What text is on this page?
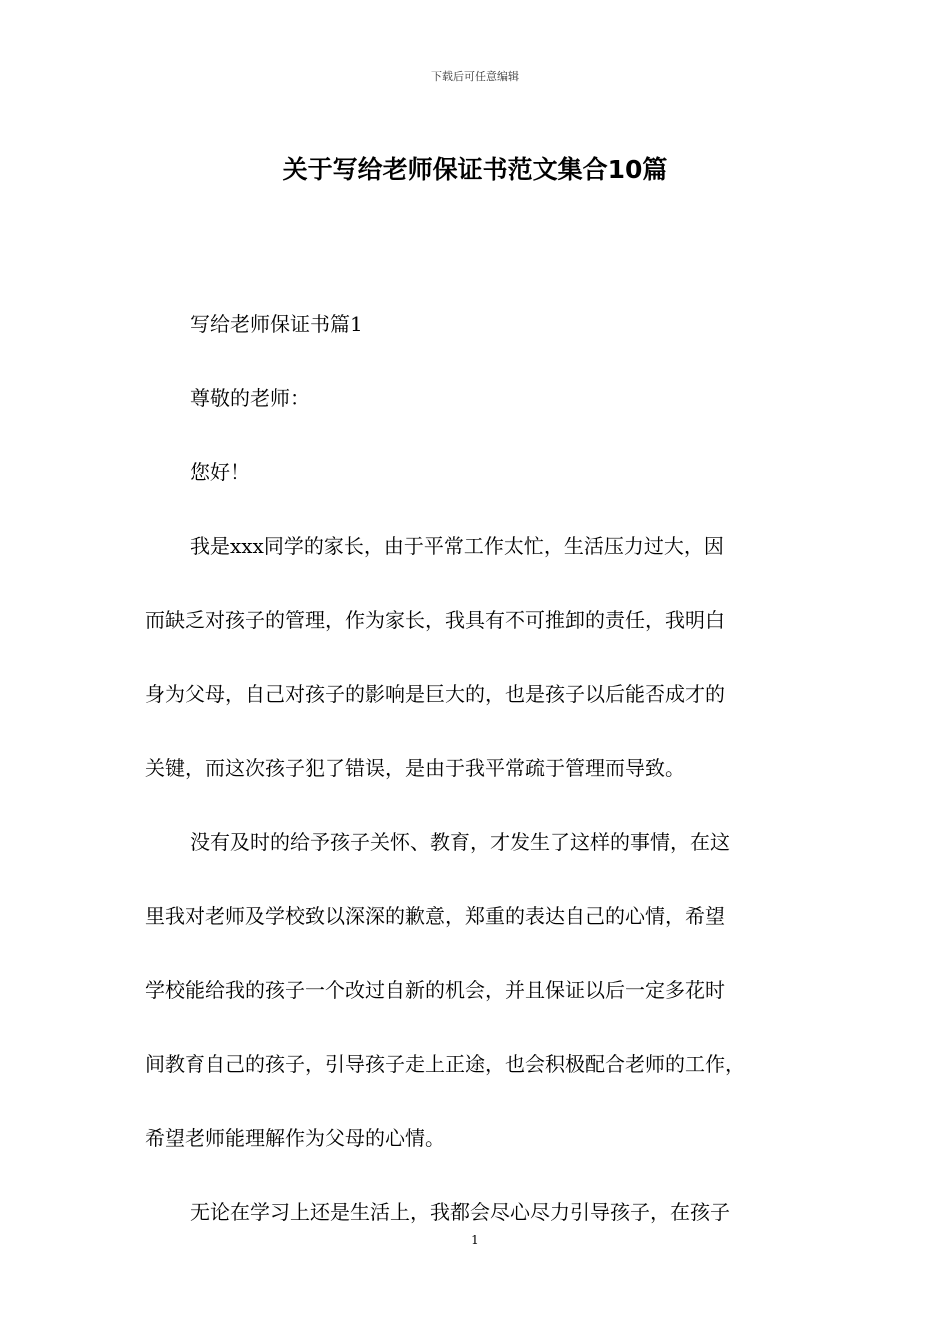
下载后可任意编辑
关于写给老师保证书范文集合10篇
写给老师保证书篇1
尊敬的老师：
您好！
我是xxx同学的家长，由于平常工作太忙，生活压力过大，因
而缺乏对孩子的管理，作为家长，我具有不可推卸的责任，我明白
身为父母，自己对孩子的影响是巨大的，也是孩子以后能否成才的
关键，而这次孩子犯了错误，是由于我平常疏于管理而导致。
没有及时的给予孩子关怀、教育，才发生了这样的事情，在这
里我对老师及学校致以深深的歉意，郑重的表达自己的心情，希望
学校能给我的孩子一个改过自新的机会，并且保证以后一定多花时
间教育自己的孩子，引导孩子走上正途，也会积极配合老师的工作，
希望老师能理解作为父母的心情。
无论在学习上还是生活上，我都会尽心尽力引导孩子，在孩子
1
